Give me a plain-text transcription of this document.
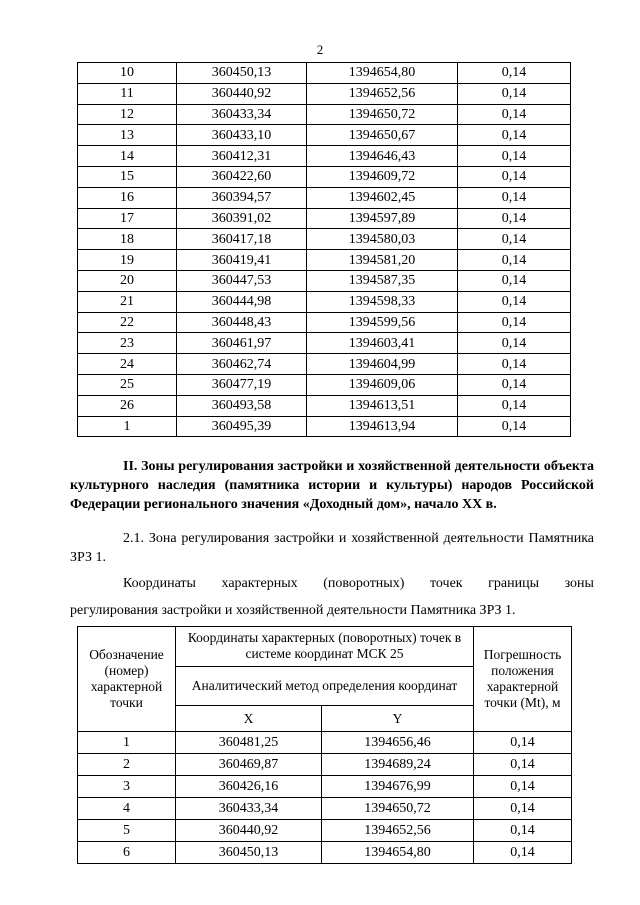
2
10	360450,13	1394654,80	0,14
11	360440,92	1394652,56	0,14
12	360433,34	1394650,72	0,14
13	360433,10	1394650,67	0,14
14	360412,31	1394646,43	0,14
15	360422,60	1394609,72	0,14
16	360394,57	1394602,45	0,14
17	360391,02	1394597,89	0,14
18	360417,18	1394580,03	0,14
19	360419,41	1394581,20	0,14
20	360447,53	1394587,35	0,14
21	360444,98	1394598,33	0,14
22	360448,43	1394599,56	0,14
23	360461,97	1394603,41	0,14
24	360462,74	1394604,99	0,14
25	360477,19	1394609,06	0,14
26	360493,58	1394613,51	0,14
1	360495,39	1394613,94	0,14
II. Зоны регулирования застройки и хозяйственной деятельности объекта культурного наследия (памятника истории и культуры) народов Российской Федерации регионального значения «Доходный дом», начало XX в.
2.1. Зона регулирования застройки и хозяйственной деятельности Памятника ЗРЗ 1.
Координаты характерных (поворотных) точек границы зоны
регулирования застройки и хозяйственной деятельности Памятника ЗРЗ 1.
Обозначение (номер) характерной точки	Координаты характерных (поворотных) точек в системе координат МСК 25		Погрешность положения характерной точки (Mt), м
	Аналитический метод определения координат		
	X	Y	
1	360481,25	1394656,46	0,14
2	360469,87	1394689,24	0,14
3	360426,16	1394676,99	0,14
4	360433,34	1394650,72	0,14
5	360440,92	1394652,56	0,14
6	360450,13	1394654,80	0,14
